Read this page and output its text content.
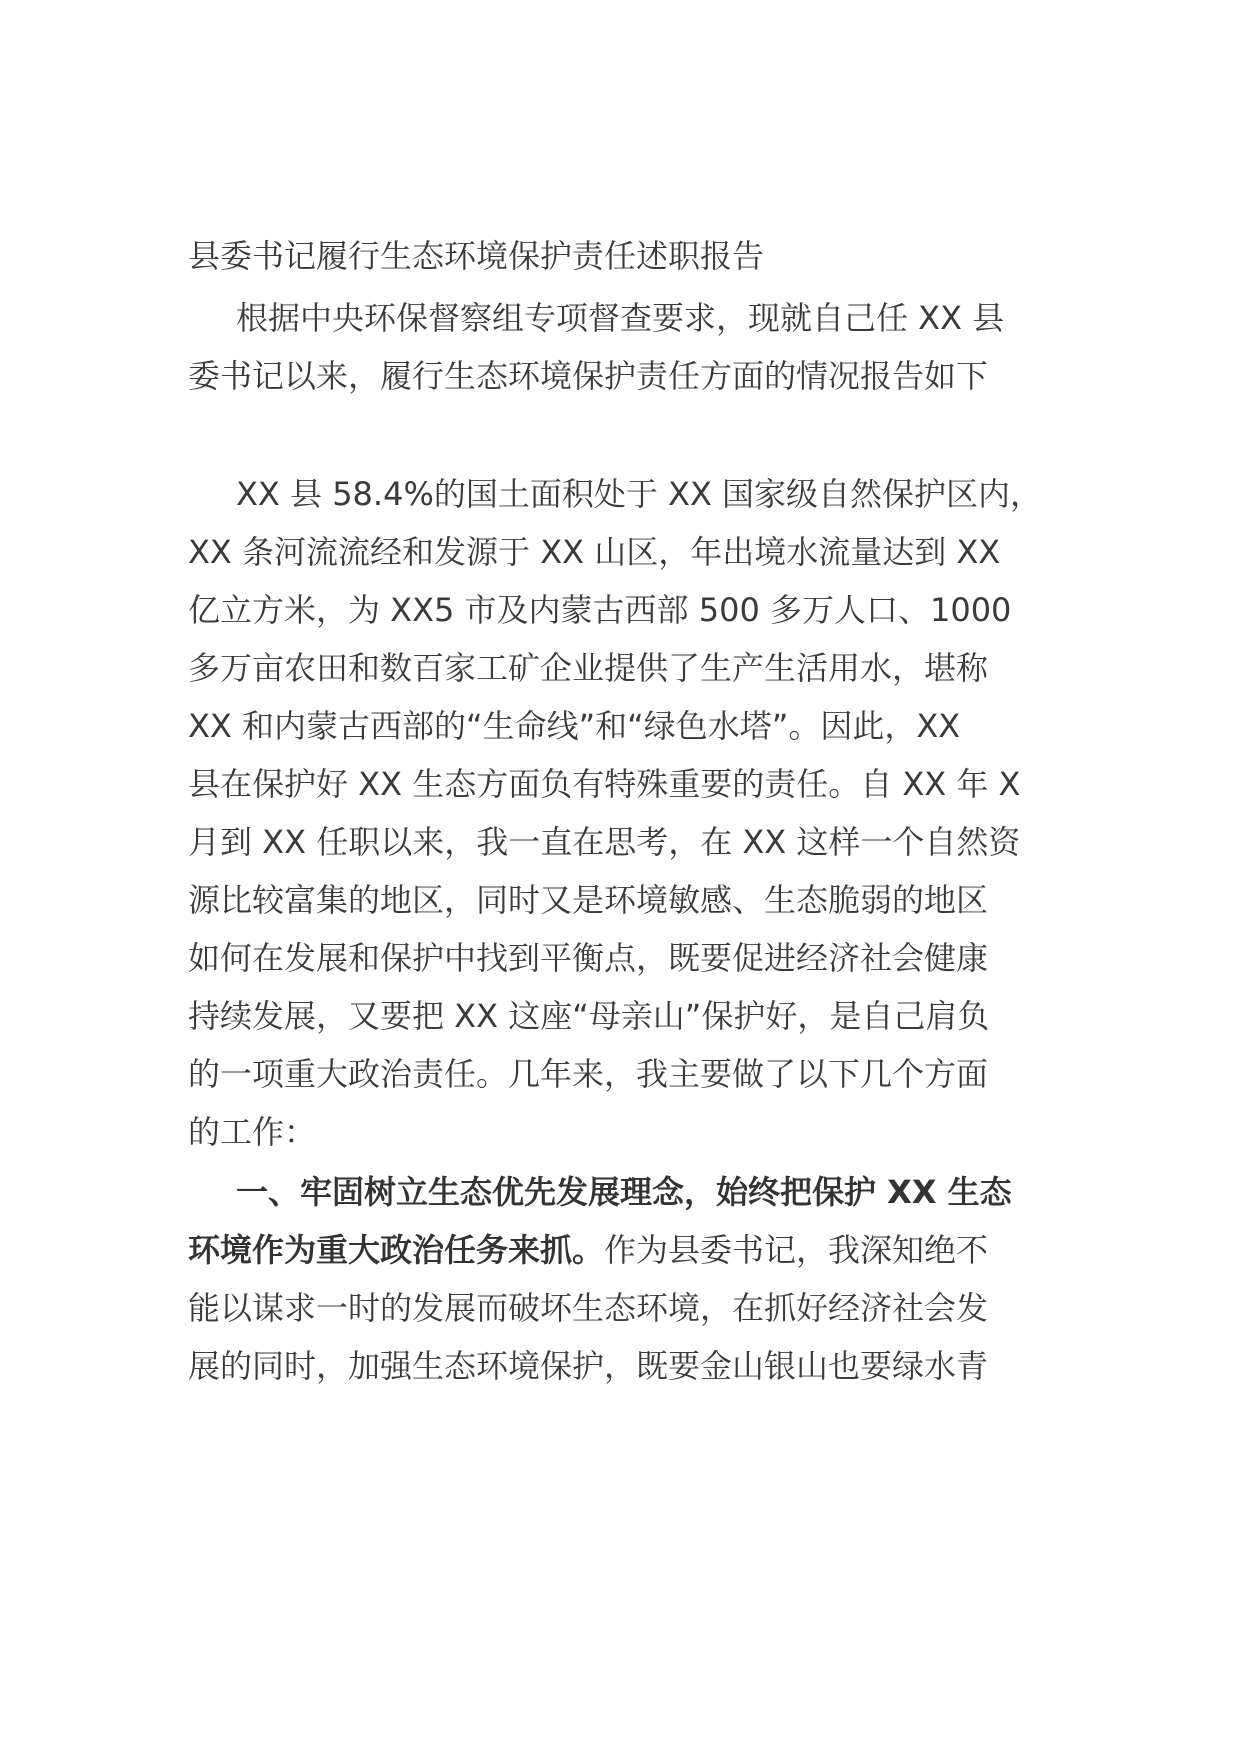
县委书记履行生态环境保护责任述职报告
根据中央环保督察组专项督查要求，现就自己任 XX 县
委书记以来，履行生态环境保护责任方面的情况报告如下
XX 县 58.4%的国土面积处于 XX 国家级自然保护区内，
XX 条河流流经和发源于 XX 山区，年出境水流量达到 XX
亿立方米，为 XX5 市及内蒙古西部 500 多万人口、1000
多万亩农田和数百家工矿企业提供了生产生活用水，堪称
XX 和内蒙古西部的“生命线”和“绿色水塔”。因此，XX
县在保护好 XX 生态方面负有特殊重要的责任。自 XX 年 X
月到 XX 任职以来，我一直在思考，在 XX 这样一个自然资
源比较富集的地区，同时又是环境敏感、生态脆弱的地区
如何在发展和保护中找到平衡点，既要促进经济社会健康
持续发展，又要把 XX 这座“母亲山”保护好，是自己肩负
的一项重大政治责任。几年来，我主要做了以下几个方面
的工作：
一、牢固树立生态优先发展理念，始终把保护 XX 生态
环境作为重大政治任务来抓。作为县委书记，我深知绝不
能以谋求一时的发展而破坏生态环境，在抓好经济社会发
展的同时，加强生态环境保护，既要金山银山也要绿水青
